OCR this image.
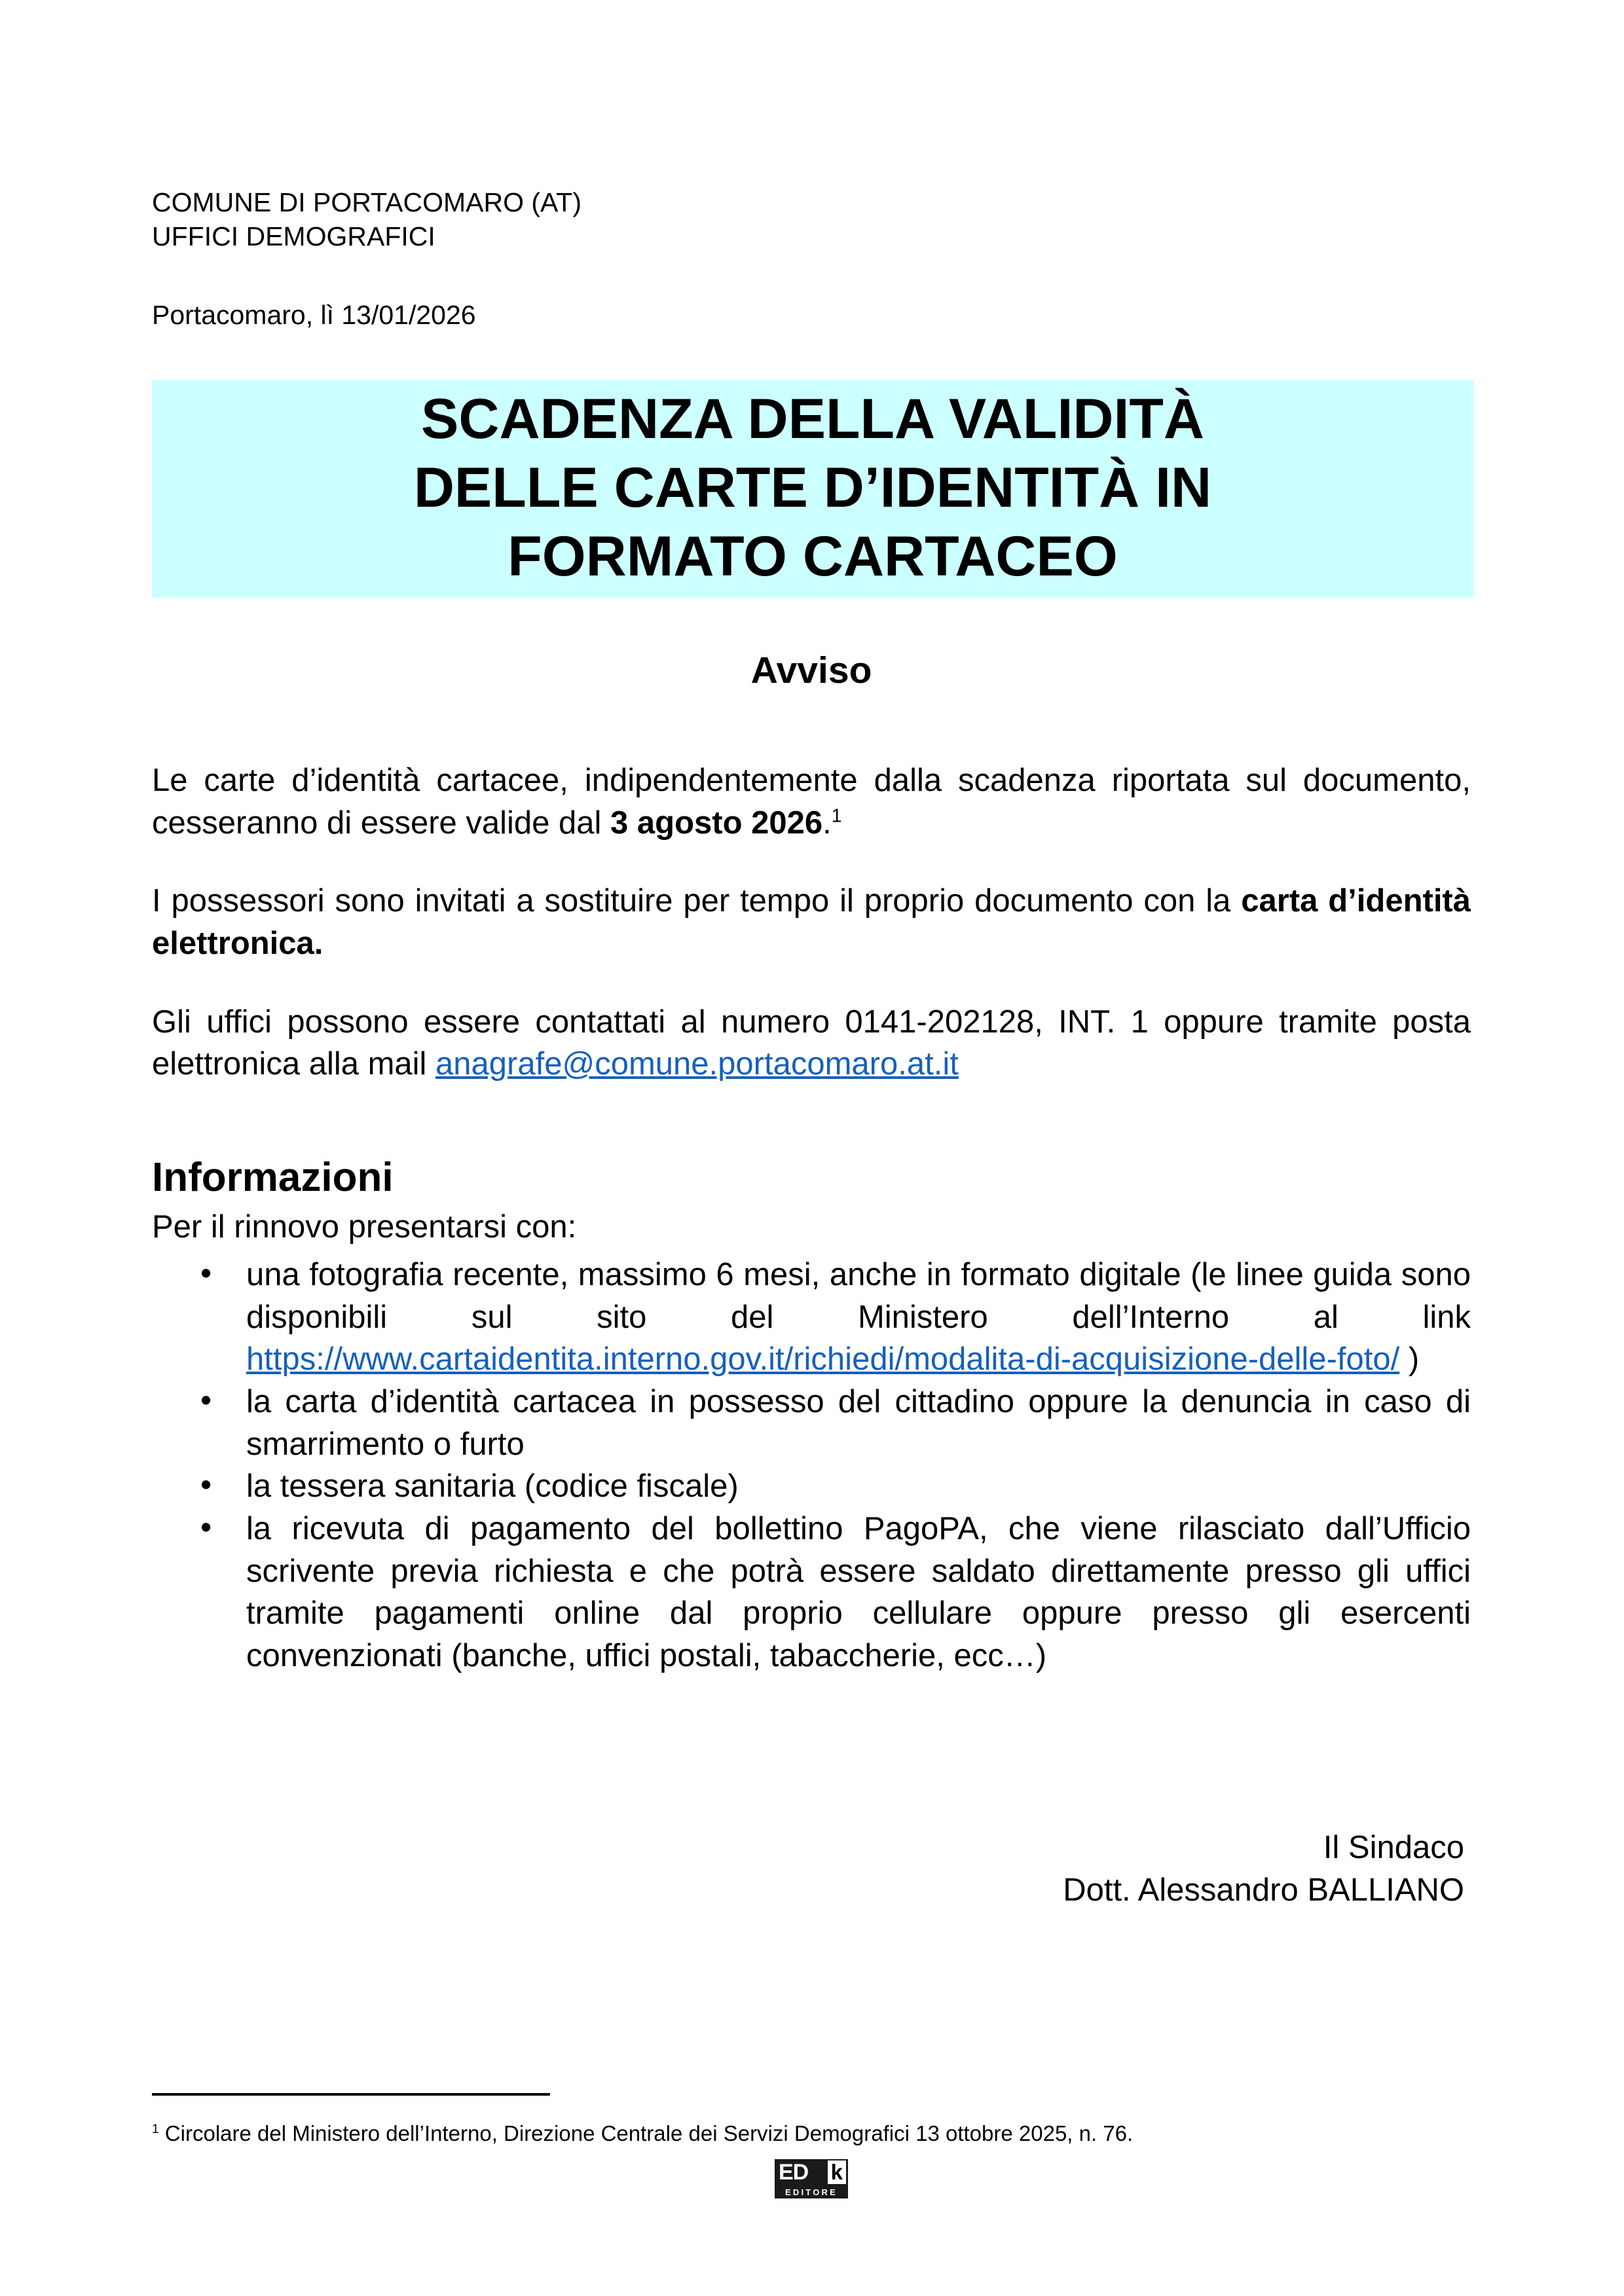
COMUNE DI PORTACOMARO (AT)
UFFICI DEMOGRAFICI
Portacomaro, lì 13/01/2026
SCADENZA DELLA VALIDITÀ
DELLE CARTE D’IDENTITÀ IN
FORMATO CARTACEO
Avviso

Le carte d’identità cartacee, indipendentemente dalla scadenza riportata sul documento, cesseranno di essere valide dal 3 agosto 2026.$^1$

I possessori sono invitati a sostituire per tempo il proprio documento con la carta d’identità elettronica.

Gli uffici possono essere contattati al numero 0141-202128, INT. 1 oppure tramite posta elettronica alla mail anagrafe@comune.portacomaro.at.it

Informazioni

Per il rinnovo presentarsi con:

• una fotografia recente, massimo 6 mesi, anche in formato digitale (le linee guida sono disponibili sul sito del Ministero dell’Interno al link https://www.cartaidentita.interno.gov.it/richiedi/modalita-di-acquisizione-delle-foto/ )
• la carta d’identità cartacea in possesso del cittadino oppure la denuncia in caso di smarrimento o furto
• la tessera sanitaria (codice fiscale)
• la ricevuta di pagamento del bollettino PagoPA, che viene rilasciato dall’Ufficio scrivente previa richiesta e che potrà essere saldato direttamente presso gli uffici tramite pagamenti online dal proprio cellulare oppure presso gli esercenti convenzionati (banche, uffici postali, tabaccherie, ecc…)
Il Sindaco
Dott. Alessandro BALLIANO
$^1$ Circolare del Ministero dell’Interno, Direzione Centrale dei Servizi Demografici 13 ottobre 2025, n. 76.
ED k
EDITORE
